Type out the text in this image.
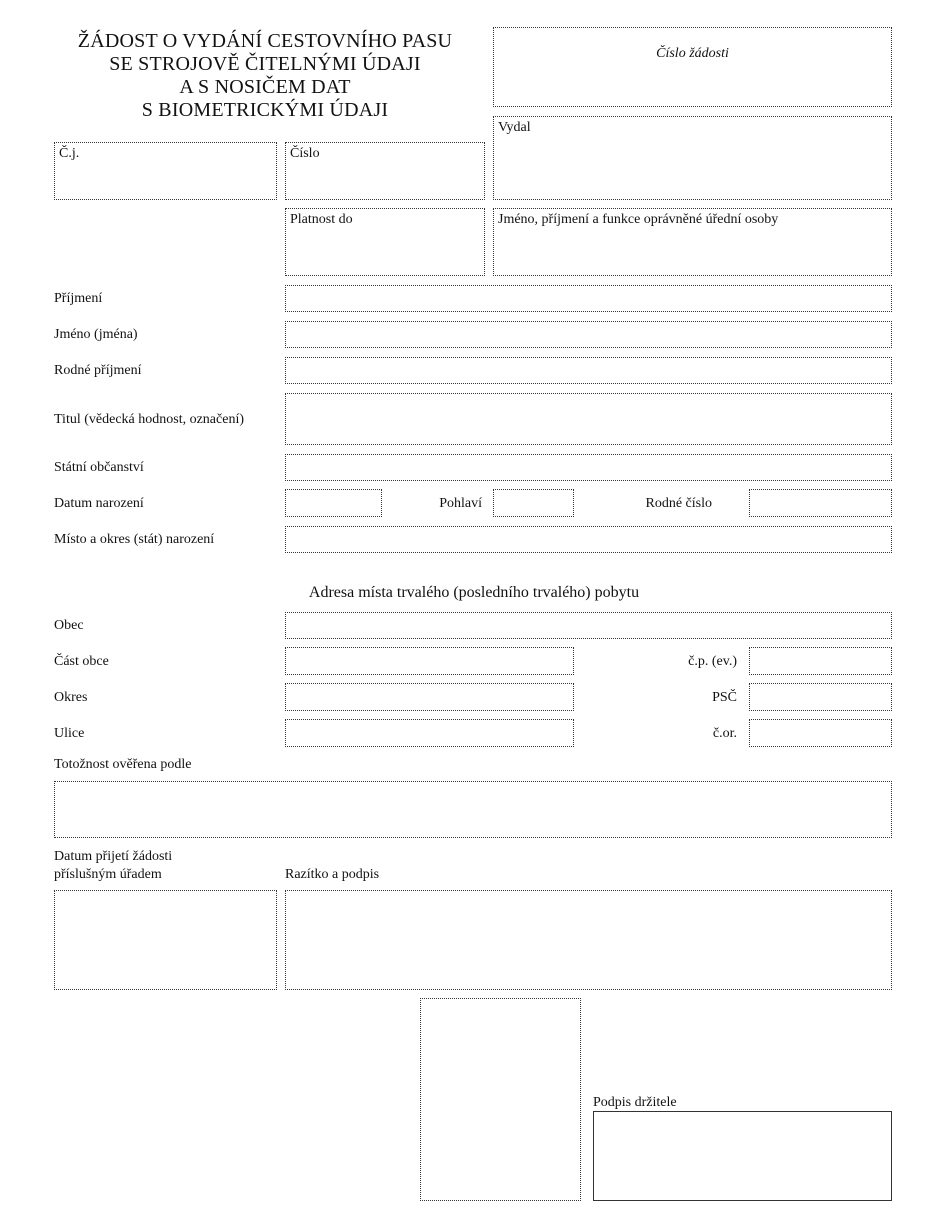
ŽÁDOST O VYDÁNÍ CESTOVNÍHO PASU
SE STROJOVĚ ČITELNÝMI ÚDAJI
A S NOSIČEM DAT
S BIOMETRICKÝMI ÚDAJI
Číslo žádosti
Vydal
Č.j.	Číslo
Platnost do	Jméno, příjmení a funkce oprávněné úřední osoby
Příjmení
Jméno (jména)
Rodné příjmení
Titul (vědecká hodnost, označení)
Státní občanství
Datum narození	Pohlaví	Rodné číslo
Místo a okres (stát) narození
Adresa místa trvalého (posledního trvalého) pobytu
Obec
Část obce	č.p. (ev.)
Okres	PSČ
Ulice	č.or.
Totožnost ověřena podle
Datum přijetí žádosti
příslušným úřadem	Razítko a podpis
Podpis držitele
